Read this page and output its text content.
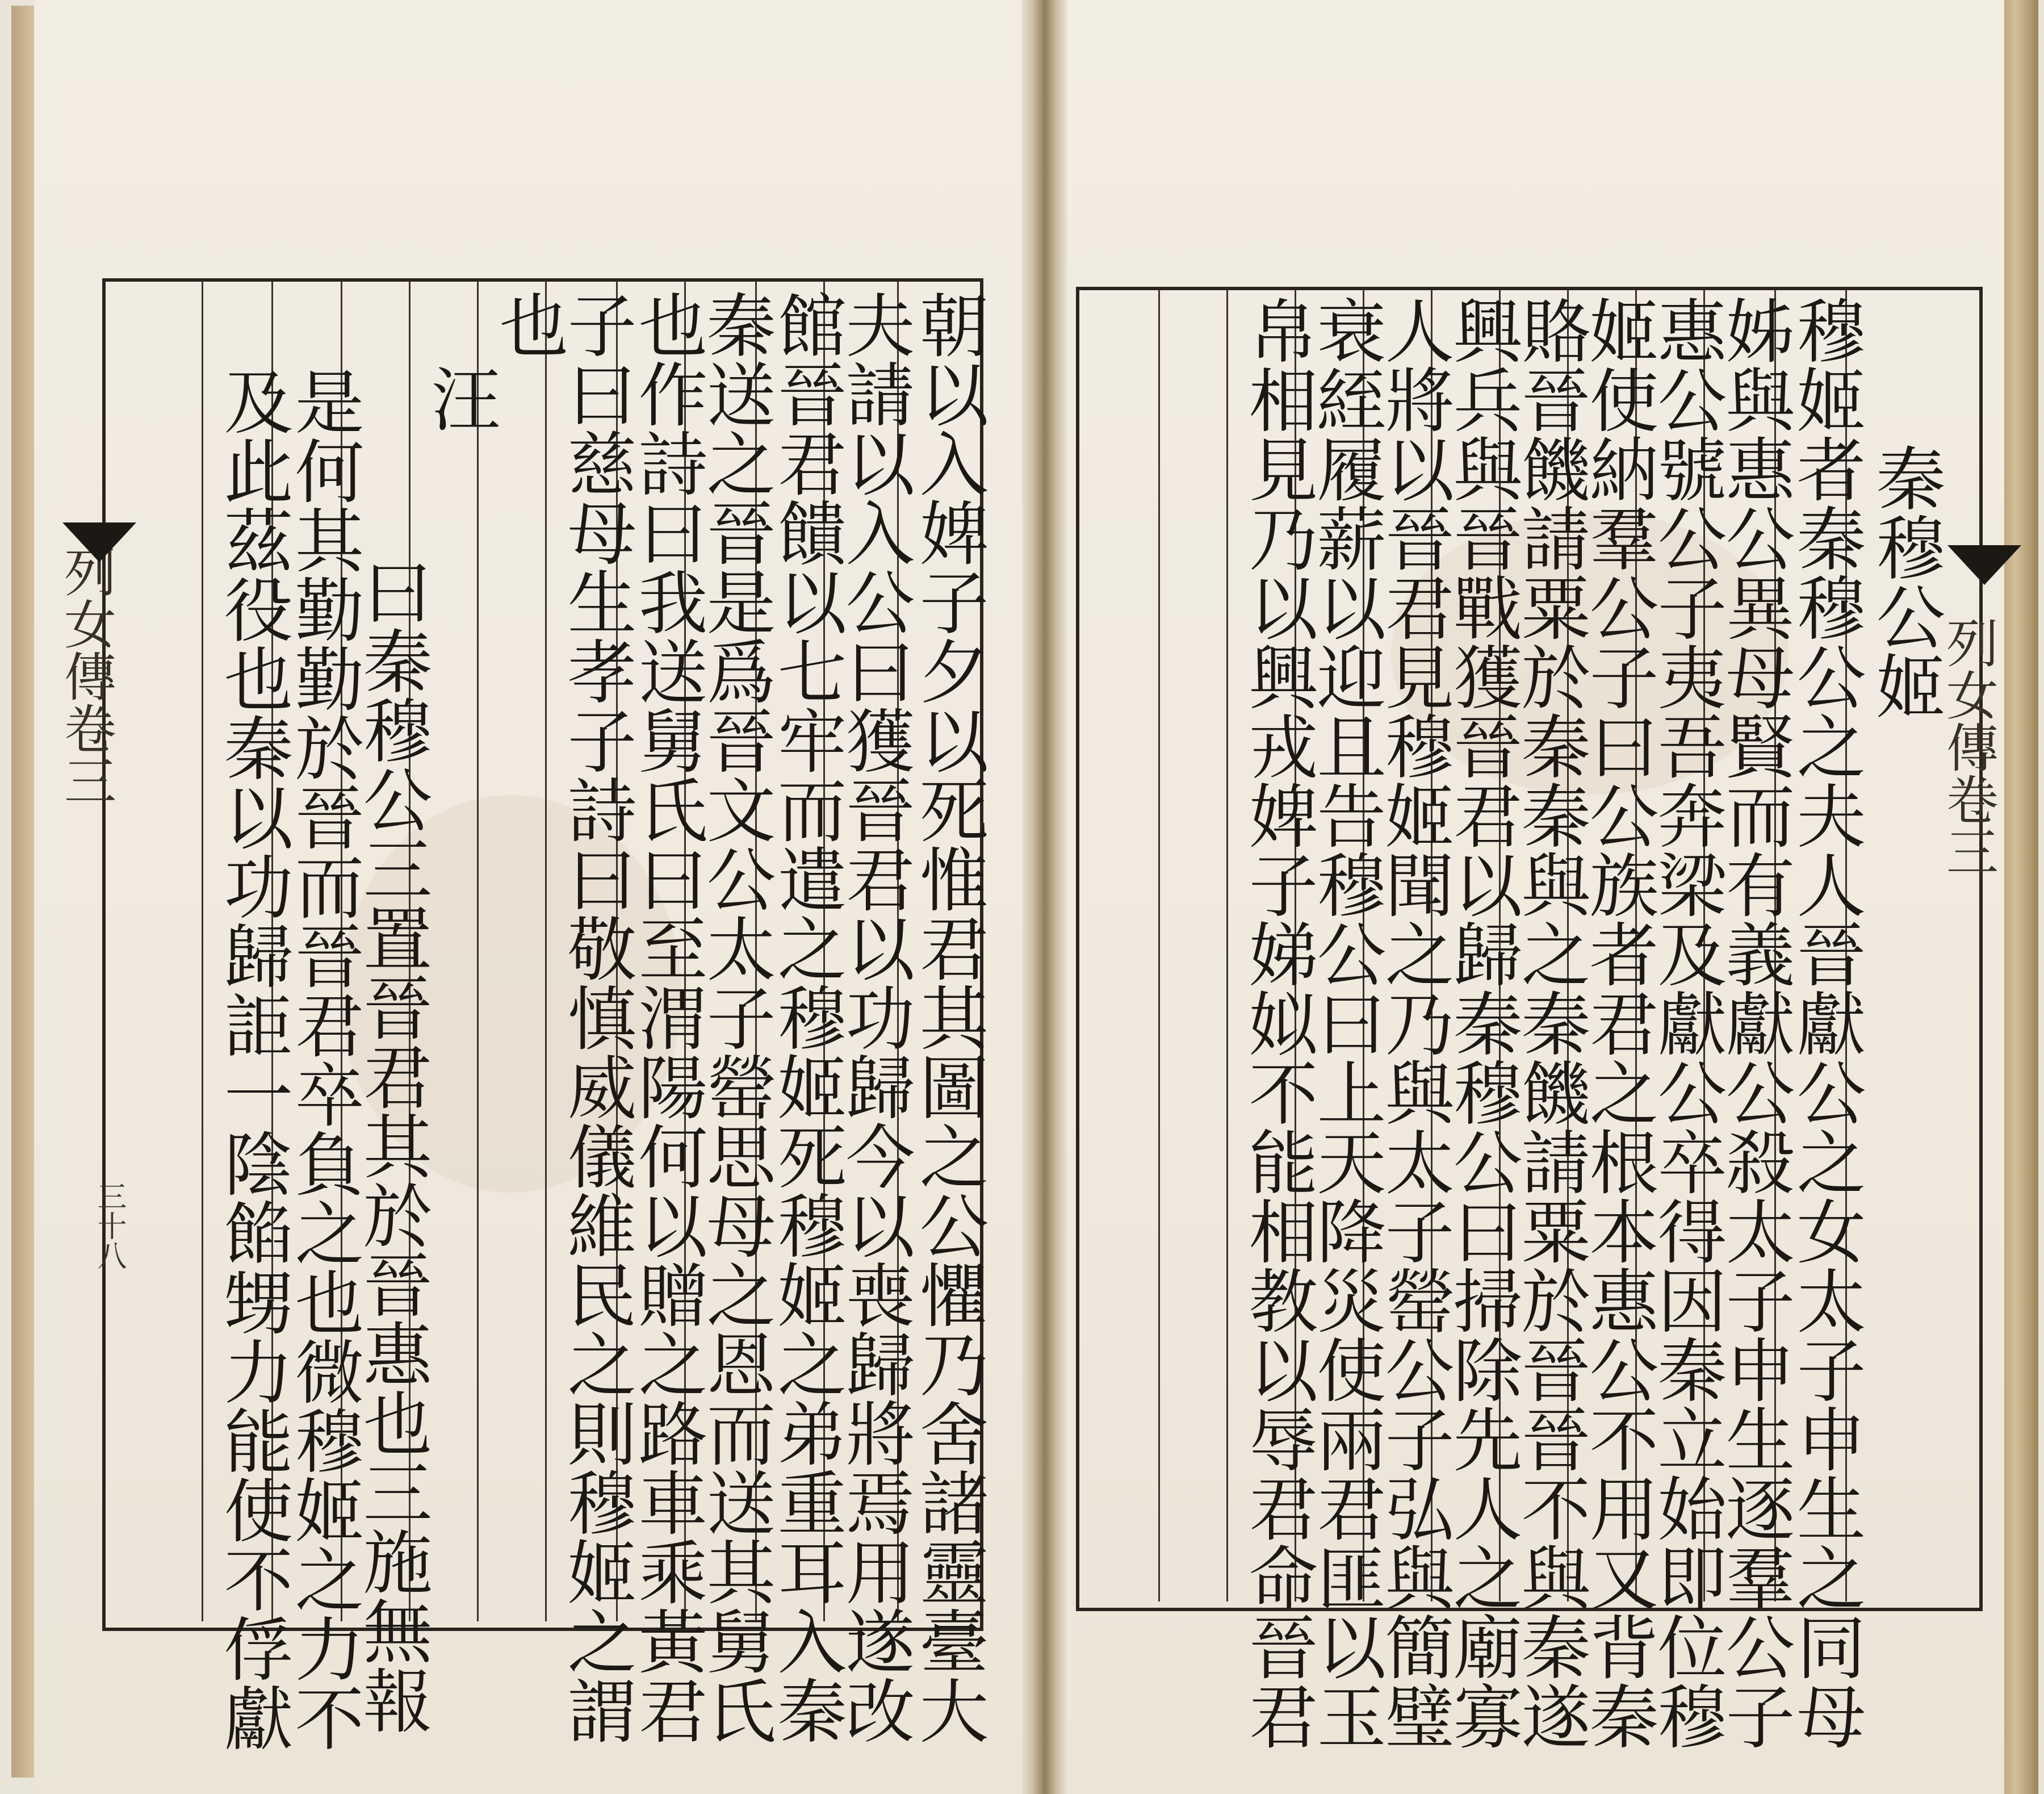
列女傳卷三
三十八	朝以入婢子夕以死惟君其圖之公懼乃舍諸靈臺大
夫請以入公曰獲晉君以功歸今以喪歸將焉用遂改
館晉君饋以七牢而遣之穆姬死穆姬之弟重耳入秦
秦送之晉是爲晉文公太子罃思母之恩而送其舅氏
也作詩曰我送舅氏曰至渭陽何以贈之路車乘黃君
子曰慈母生孝子詩曰敬慎威儀維民之則穆姬之謂
也
汪
曰秦穆公三置晉君其於晉惠也三施無報
是何其勤勤於晉而晉君卒負之也微穆姬之力不
及此茲役也秦以功歸詎一陰餡甥力能使不俘獻	列女傳卷三
秦穆公姬
穆姬者秦穆公之夫人晉獻公之女太子申生之同母
姊與惠公異母賢而有義獻公殺太子申生逐羣公子
惠公號公子夷吾奔梁及獻公卒得因秦立始即位穆
姬使納羣公子曰公族者君之根本惠公不用又背秦
賂晉饑請粟於秦秦與之秦饑請粟於晉晉不與秦遂
興兵與晉戰獲晉君以歸秦穆公曰掃除先人之廟寡
人將以晉君見穆姬聞之乃與太子罃公子弘與簡璧
衰絰履薪以迎且告穆公曰上天降災使兩君匪以玉
帛相見乃以興戎婢子娣姒不能相教以辱君命晉君
